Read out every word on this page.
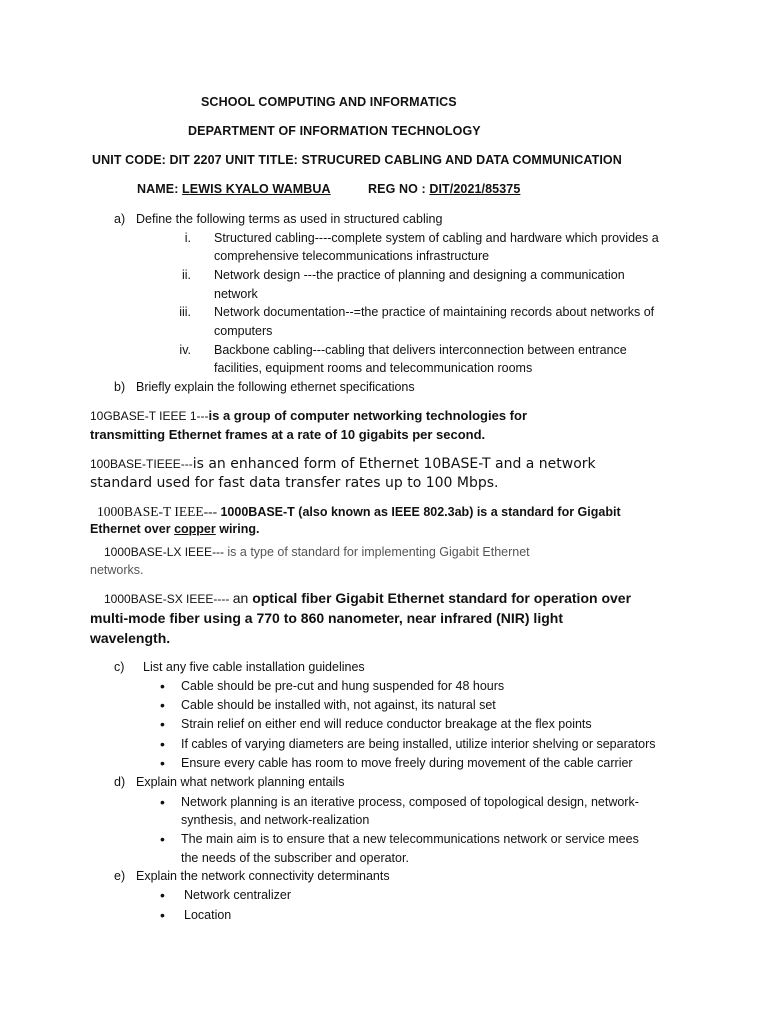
SCHOOL COMPUTING AND INFORMATICS
DEPARTMENT OF INFORMATION TECHNOLOGY
UNIT CODE: DIT 2207 UNIT TITLE: STRUCURED CABLING AND DATA COMMUNICATION
NAME: LEWIS KYALO WAMBUA	REG NO : DIT/2021/85375
a) Define the following terms as used in structured cabling
i. Structured cabling----complete system of cabling and hardware which provides a
comprehensive telecommunications infrastructure
ii. Network design ---the practice of planning and designing a communication
network
iii. Network documentation--=the practice of maintaining records about networks of
computers
iv. Backbone cabling---cabling that delivers interconnection between entrance
facilities, equipment rooms and telecommunication rooms
b) Briefly explain the following ethernet specifications
10GBASE-T IEEE 1---is a group of computer networking technologies for
transmitting Ethernet frames at a rate of 10 gigabits per second.
100BASE-TIEEE---is an enhanced form of Ethernet 10BASE-T and a network
standard used for fast data transfer rates up to 100 Mbps.
1000BASE-T IEEE--- 1000BASE-T (also known as IEEE 802.3ab) is a standard for Gigabit
Ethernet over copper wiring.
1000BASE-LX IEEE--- is a type of standard for implementing Gigabit Ethernet
networks.
1000BASE-SX IEEE---- an optical fiber Gigabit Ethernet standard for operation over
multi-mode fiber using a 770 to 860 nanometer, near infrared (NIR) light
wavelength.
c) List any five cable installation guidelines
• Cable should be pre-cut and hung suspended for 48 hours
• Cable should be installed with, not against, its natural set
• Strain relief on either end will reduce conductor breakage at the flex points
• If cables of varying diameters are being installed, utilize interior shelving or separators
• Ensure every cable has room to move freely during movement of the cable carrier
d) Explain what network planning entails
• Network planning is an iterative process, composed of topological design, network-
synthesis, and network-realization
• The main aim is to ensure that a new telecommunications network or service mees
the needs of the subscriber and operator.
e) Explain the network connectivity determinants
• Network centralizer
• Location
